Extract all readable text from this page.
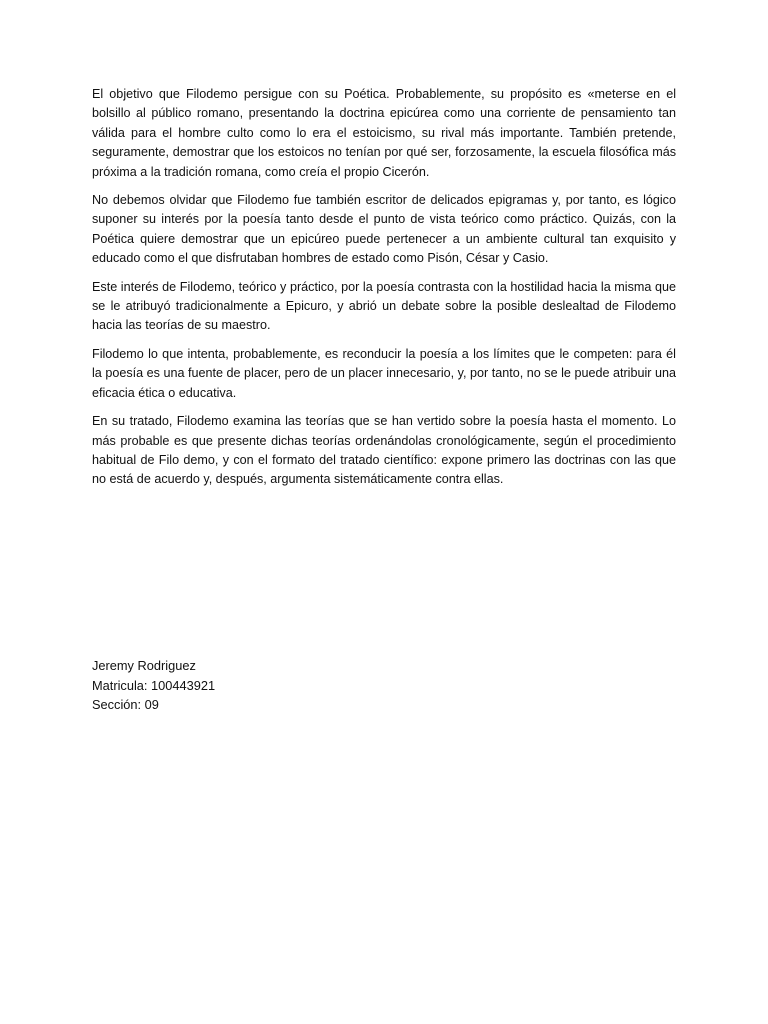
El objetivo que Filodemo persigue con su Poética. Probablemente, su propósito es «meterse en el bolsillo al público romano, presentando la doctrina epicúrea como una corriente de pensamiento tan válida para el hombre culto como lo era el estoicismo, su rival más importante. También pretende, seguramente, demostrar que los estoicos no tenían por qué ser, forzosamente, la escuela filosófica más próxima a la tradición romana, como creía el propio Cicerón.

No debemos olvidar que Filodemo fue también escritor de delicados epigramas y, por tanto, es lógico suponer su interés por la poesía tanto desde el punto de vista teórico como práctico. Quizás, con la Poética quiere demostrar que un epicúreo puede pertenecer a un ambiente cultural tan exquisito y educado como el que disfrutaban hombres de estado como Pisón, César y Casio.

Este interés de Filodemo, teórico y práctico, por la poesía contrasta con la hostilidad hacia la misma que se le atribuyó tradicionalmente a Epicuro, y abrió un debate sobre la posible deslealtad de Filodemo hacia las teorías de su maestro.

Filodemo lo que intenta, probablemente, es reconducir la poesía a los límites que le competen: para él la poesía es una fuente de placer, pero de un placer innecesario, y, por tanto, no se le puede atribuir una eficacia ética o educativa.

En su tratado, Filodemo examina las teorías que se han vertido sobre la poesía hasta el momento. Lo más probable es que presente dichas teorías ordenándolas cronológicamente, según el procedimiento habitual de Filo demo, y con el formato del tratado científico: expone primero las doctrinas con las que no está de acuerdo y, después, argumenta sistemáticamente contra ellas.

Jeremy Rodriguez
Matricula: 100443921
Sección: 09
